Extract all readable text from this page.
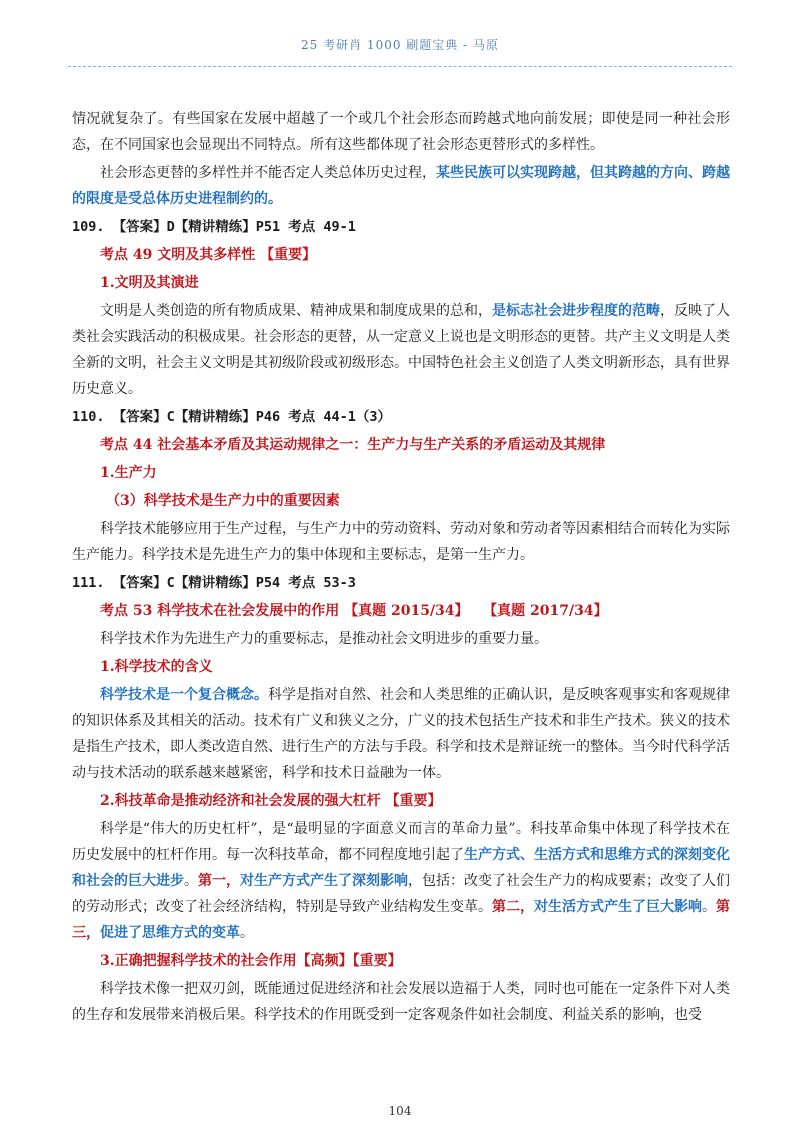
25 考研肖 1000 刷题宝典 - 马原

情况就复杂了。有些国家在发展中超越了一个或几个社会形态而跨越式地向前发展；即使是同一种社会形态，在不同国家也会显现出不同特点。所有这些都体现了社会形态更替形式的多样性。

社会形态更替的多样性并不能否定人类总体历史过程，某些民族可以实现跨越，但其跨越的方向、跨越的限度是受总体历史进程制约的。

109. 【答案】D【精讲精练】P51 考点 49-1
考点 49 文明及其多样性 【重要】
1.文明及其演进

文明是人类创造的所有物质成果、精神成果和制度成果的总和，是标志社会进步程度的范畴，反映了人类社会实践活动的积极成果。社会形态的更替，从一定意义上说也是文明形态的更替。共产主义文明是人类全新的文明，社会主义文明是其初级阶段或初级形态。中国特色社会主义创造了人类文明新形态，具有世界历史意义。

110. 【答案】C【精讲精练】P46 考点 44-1（3）
考点 44 社会基本矛盾及其运动规律之一：生产力与生产关系的矛盾运动及其规律
1.生产力
（3）科学技术是生产力中的重要因素

科学技术能够应用于生产过程，与生产力中的劳动资料、劳动对象和劳动者等因素相结合而转化为实际生产能力。科学技术是先进生产力的集中体现和主要标志，是第一生产力。

111. 【答案】C【精讲精练】P54 考点 53-3
考点 53 科学技术在社会发展中的作用 【真题 2015/34】 【真题 2017/34】

科学技术作为先进生产力的重要标志，是推动社会文明进步的重要力量。

1.科学技术的含义

科学技术是一个复合概念。科学是指对自然、社会和人类思维的正确认识，是反映客观事实和客观规律的知识体系及其相关的活动。技术有广义和狭义之分，广义的技术包括生产技术和非生产技术。狭义的技术是指生产技术，即人类改造自然、进行生产的方法与手段。科学和技术是辩证统一的整体。当今时代科学活动与技术活动的联系越来越紧密，科学和技术日益融为一体。

2.科技革命是推动经济和社会发展的强大杠杆 【重要】

科学是“伟大的历史杠杆”，是“最明显的字面意义而言的革命力量”。科技革命集中体现了科学技术在历史发展中的杠杆作用。每一次科技革命，都不同程度地引起了生产方式、生活方式和思维方式的深刻变化和社会的巨大进步。第一，对生产方式产生了深刻影响，包括：改变了社会生产力的构成要素；改变了人们的劳动形式；改变了社会经济结构，特别是导致产业结构发生变革。第二，对生活方式产生了巨大影响。第三，促进了思维方式的变革。

3.正确把握科学技术的社会作用【高频】【重要】

科学技术像一把双刃剑，既能通过促进经济和社会发展以造福于人类，同时也可能在一定条件下对人类的生存和发展带来消极后果。科学技术的作用既受到一定客观条件如社会制度、利益关系的影响，也受

104
